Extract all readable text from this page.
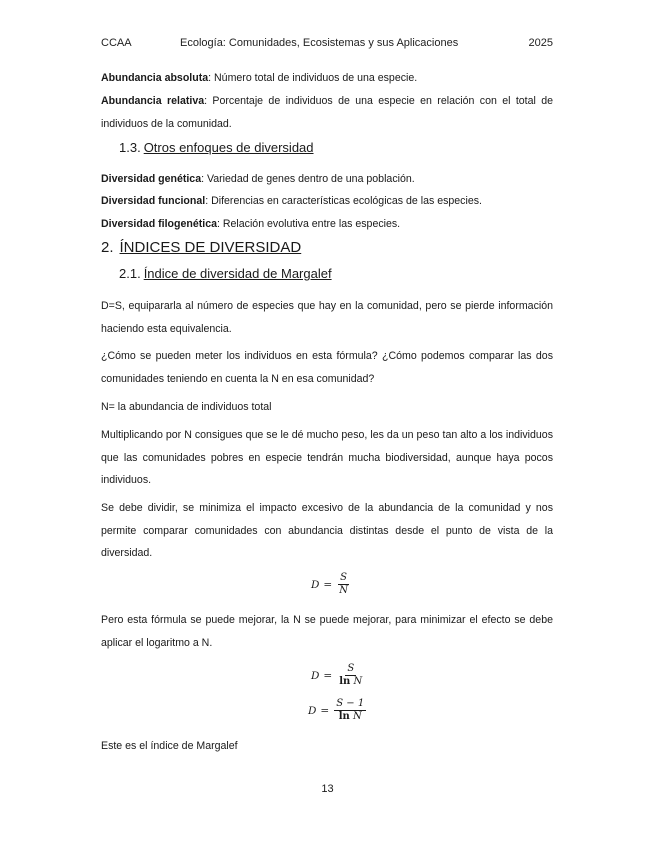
CCAA	Ecología: Comunidades, Ecosistemas y sus Aplicaciones	2025
Abundancia absoluta: Número total de individuos de una especie.
Abundancia relativa: Porcentaje de individuos de una especie en relación con el total de individuos de la comunidad.
1.3. Otros enfoques de diversidad
Diversidad genética: Variedad de genes dentro de una población.
Diversidad funcional: Diferencias en características ecológicas de las especies.
Diversidad filogenética: Relación evolutiva entre las especies.
2. ÍNDICES DE DIVERSIDAD
2.1. Índice de diversidad de Margalef
D=S, equipararla al número de especies que hay en la comunidad, pero se pierde información haciendo esta equivalencia.
¿Cómo se pueden meter los individuos en esta fórmula? ¿Cómo podemos comparar las dos comunidades teniendo en cuenta la N en esa comunidad?
N= la abundancia de individuos total
Multiplicando por N consigues que se le dé mucho peso, les da un peso tan alto a los individuos que las comunidades pobres en especie tendrán mucha biodiversidad, aunque haya pocos individuos.
Se debe dividir, se minimiza el impacto excesivo de la abundancia de la comunidad y nos permite comparar comunidades con abundancia distintas desde el punto de vista de la diversidad.
$D = \frac{S}{N}$
Pero esta fórmula se puede mejorar, la N se puede mejorar, para minimizar el efecto se debe aplicar el logaritmo a N.
$D = \frac{S}{\text{ln N}}$
$D = \frac{S - 1}{\text{ln N}}$
Este es el índice de Margalef
13
